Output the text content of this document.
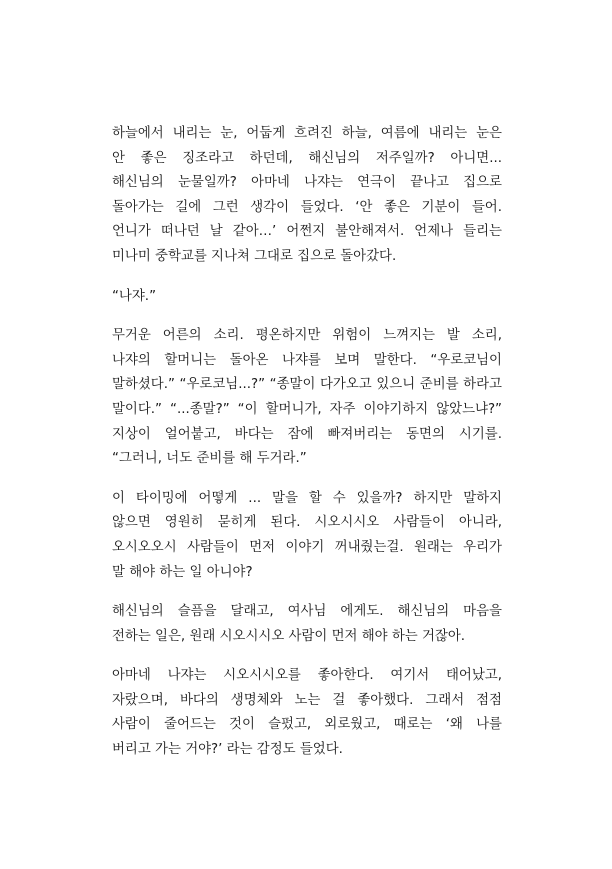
하늘에서 내리는 눈, 어둡게 흐려진 하늘, 여름에 내리는 눈은
안 좋은 징조라고 하던데, 해신님의 저주일까? 아니면...
해신님의 눈물일까? 아마네 나쟈는 연극이 끝나고 집으로
돌아가는 길에 그런 생각이 들었다. ‘안 좋은 기분이 들어.
언니가 떠나던 날 같아…’ 어쩐지 불안해져서. 언제나 들리는
미나미 중학교를 지나쳐 그대로 집으로 돌아갔다.
“나쟈.”
무거운 어른의 소리. 평온하지만 위험이 느껴지는 발 소리,
나쟈의 할머니는 돌아온 나쟈를 보며 말한다. “우로코님이
말하셨다.” “우로코님...?” “종말이 다가오고 있으니 준비를 하라고
말이다.” “...종말?” “이 할머니가, 자주 이야기하지 않았느냐?”
지상이 얼어붙고, 바다는 잠에 빠져버리는 동면의 시기를.
“그러니, 너도 준비를 해 두거라.”
이 타이밍에 어떻게 ... 말을 할 수 있을까? 하지만 말하지
않으면 영원히 묻히게 된다. 시오시시오 사람들이 아니라,
오시오오시 사람들이 먼저 이야기 꺼내줬는걸. 원래는 우리가
말 해야 하는 일 아니야?
해신님의 슬픔을 달래고, 여사님 에게도. 해신님의 마음을
전하는 일은, 원래 시오시시오 사람이 먼저 해야 하는 거잖아.
아마네 나쟈는 시오시시오를 좋아한다. 여기서 태어났고,
자랐으며, 바다의 생명체와 노는 걸 좋아했다. 그래서 점점
사람이 줄어드는 것이 슬펐고, 외로웠고, 때로는 ‘왜 나를
버리고 가는 거야?’ 라는 감정도 들었다.
